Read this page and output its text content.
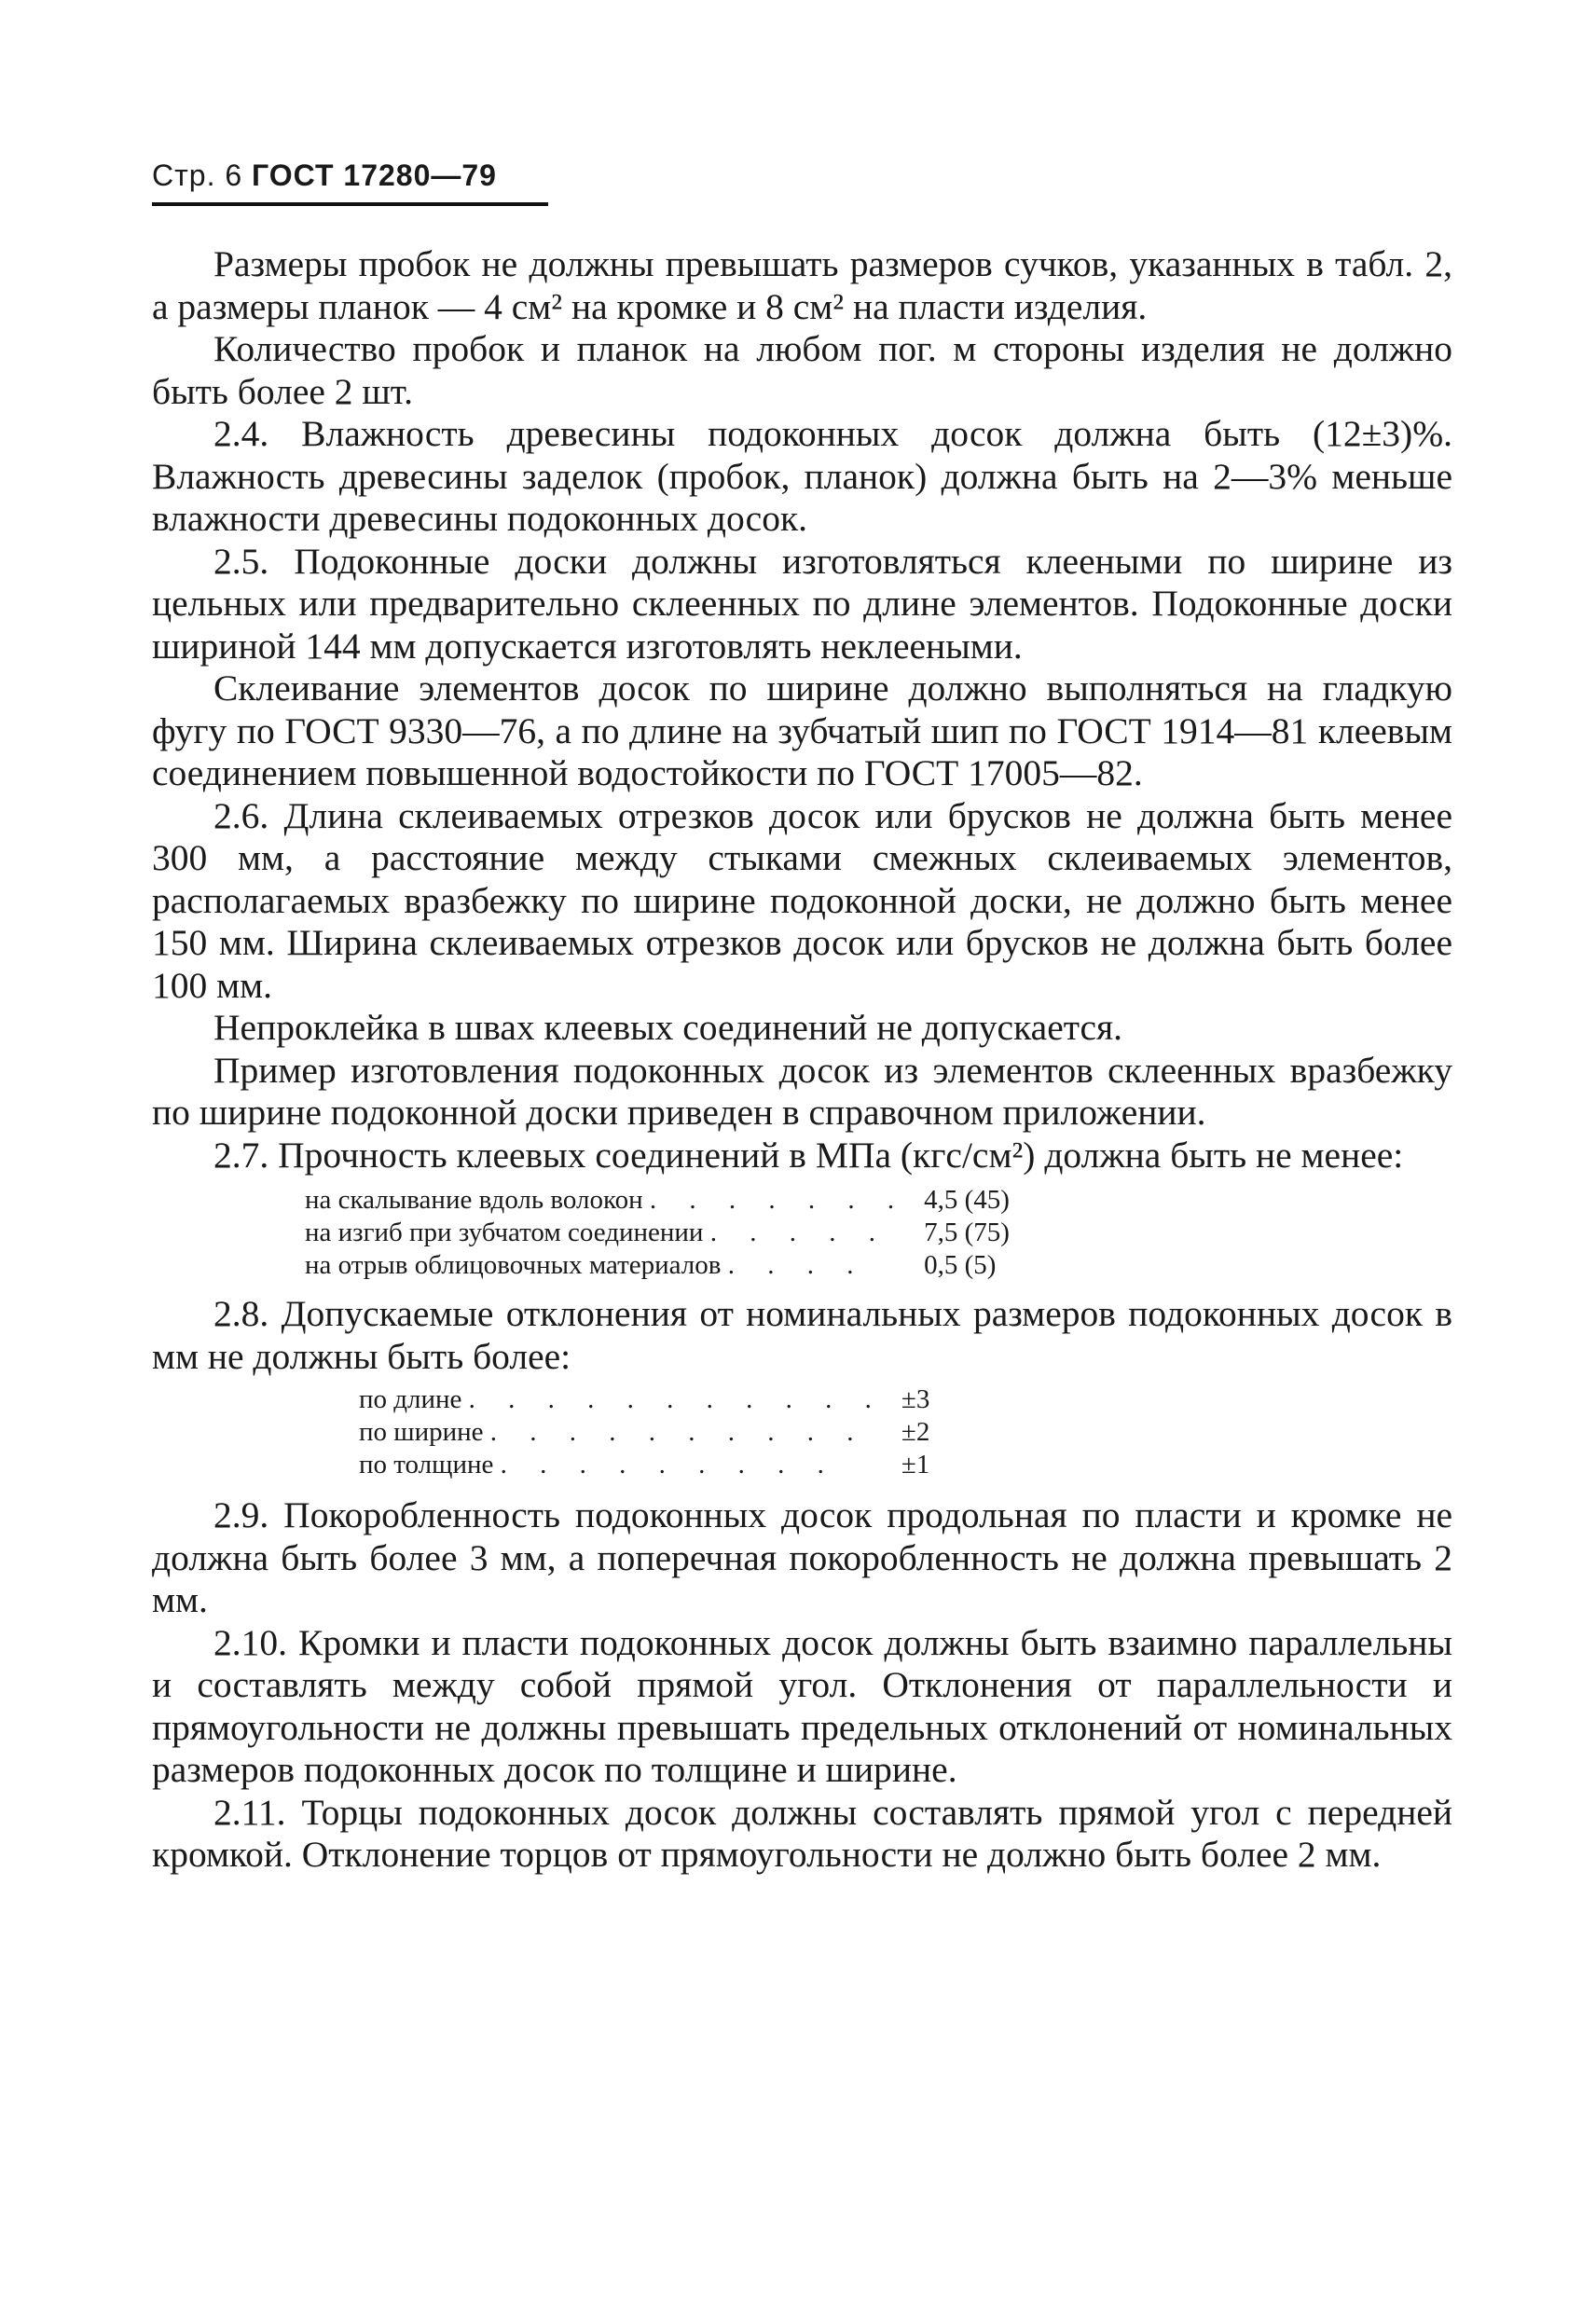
Стр. 6 ГОСТ 17280—79

Размеры пробок не должны превышать размеров сучков, указанных в табл. 2, а размеры планок — 4 см² на кромке и 8 см² на пласти изделия.

Количество пробок и планок на любом пог. м стороны изделия не должно быть более 2 шт.

2.4. Влажность древесины подоконных досок должна быть (12±3)%. Влажность древесины заделок (пробок, планок) должна быть на 2—3% меньше влажности древесины подоконных досок.

2.5. Подоконные доски должны изготовляться клееными по ширине из цельных или предварительно склеенных по длине элементов. Подоконные доски шириной 144 мм допускается изготовлять неклееными.

Склеивание элементов досок по ширине должно выполняться на гладкую фугу по ГОСТ 9330—76, а по длине на зубчатый шип по ГОСТ 1914—81 клеевым соединением повышенной водостойкости по ГОСТ 17005—82.

2.6. Длина склеиваемых отрезков досок или брусков не должна быть менее 300 мм, а расстояние между стыками смежных склеиваемых элементов, располагаемых вразбежку по ширине подоконной доски, не должно быть менее 150 мм. Ширина склеиваемых отрезков досок или брусков не должна быть более 100 мм.

Непроклейка в швах клеевых соединений не допускается.

Пример изготовления подоконных досок из элементов склеенных вразбежку по ширине подоконной доски приведен в справочном приложении.

2.7. Прочность клеевых соединений в МПа (кгс/см²) должна быть не менее:

на скалывание вдоль волокон . . . . . . .	4,5 (45)
на изгиб при зубчатом соединении . . . . .	7,5 (75)
на отрыв облицовочных материалов . . . .	0,5 (5)

2.8. Допускаемые отклонения от номинальных размеров подоконных досок в мм не должны быть более:

по длине . . . . . . . . . . .	±3
по ширине . . . . . . . . . .	±2
по толщине . . . . . . . . .	±1

2.9. Покоробленность подоконных досок продольная по пласти и кромке не должна быть более 3 мм, а поперечная покоробленность не должна превышать 2 мм.

2.10. Кромки и пласти подоконных досок должны быть взаимно параллельны и составлять между собой прямой угол. Отклонения от параллельности и прямоугольности не должны превышать предельных отклонений от номинальных размеров подоконных досок по толщине и ширине.

2.11. Торцы подоконных досок должны составлять прямой угол с передней кромкой. Отклонение торцов от прямоугольности не должно быть более 2 мм.
